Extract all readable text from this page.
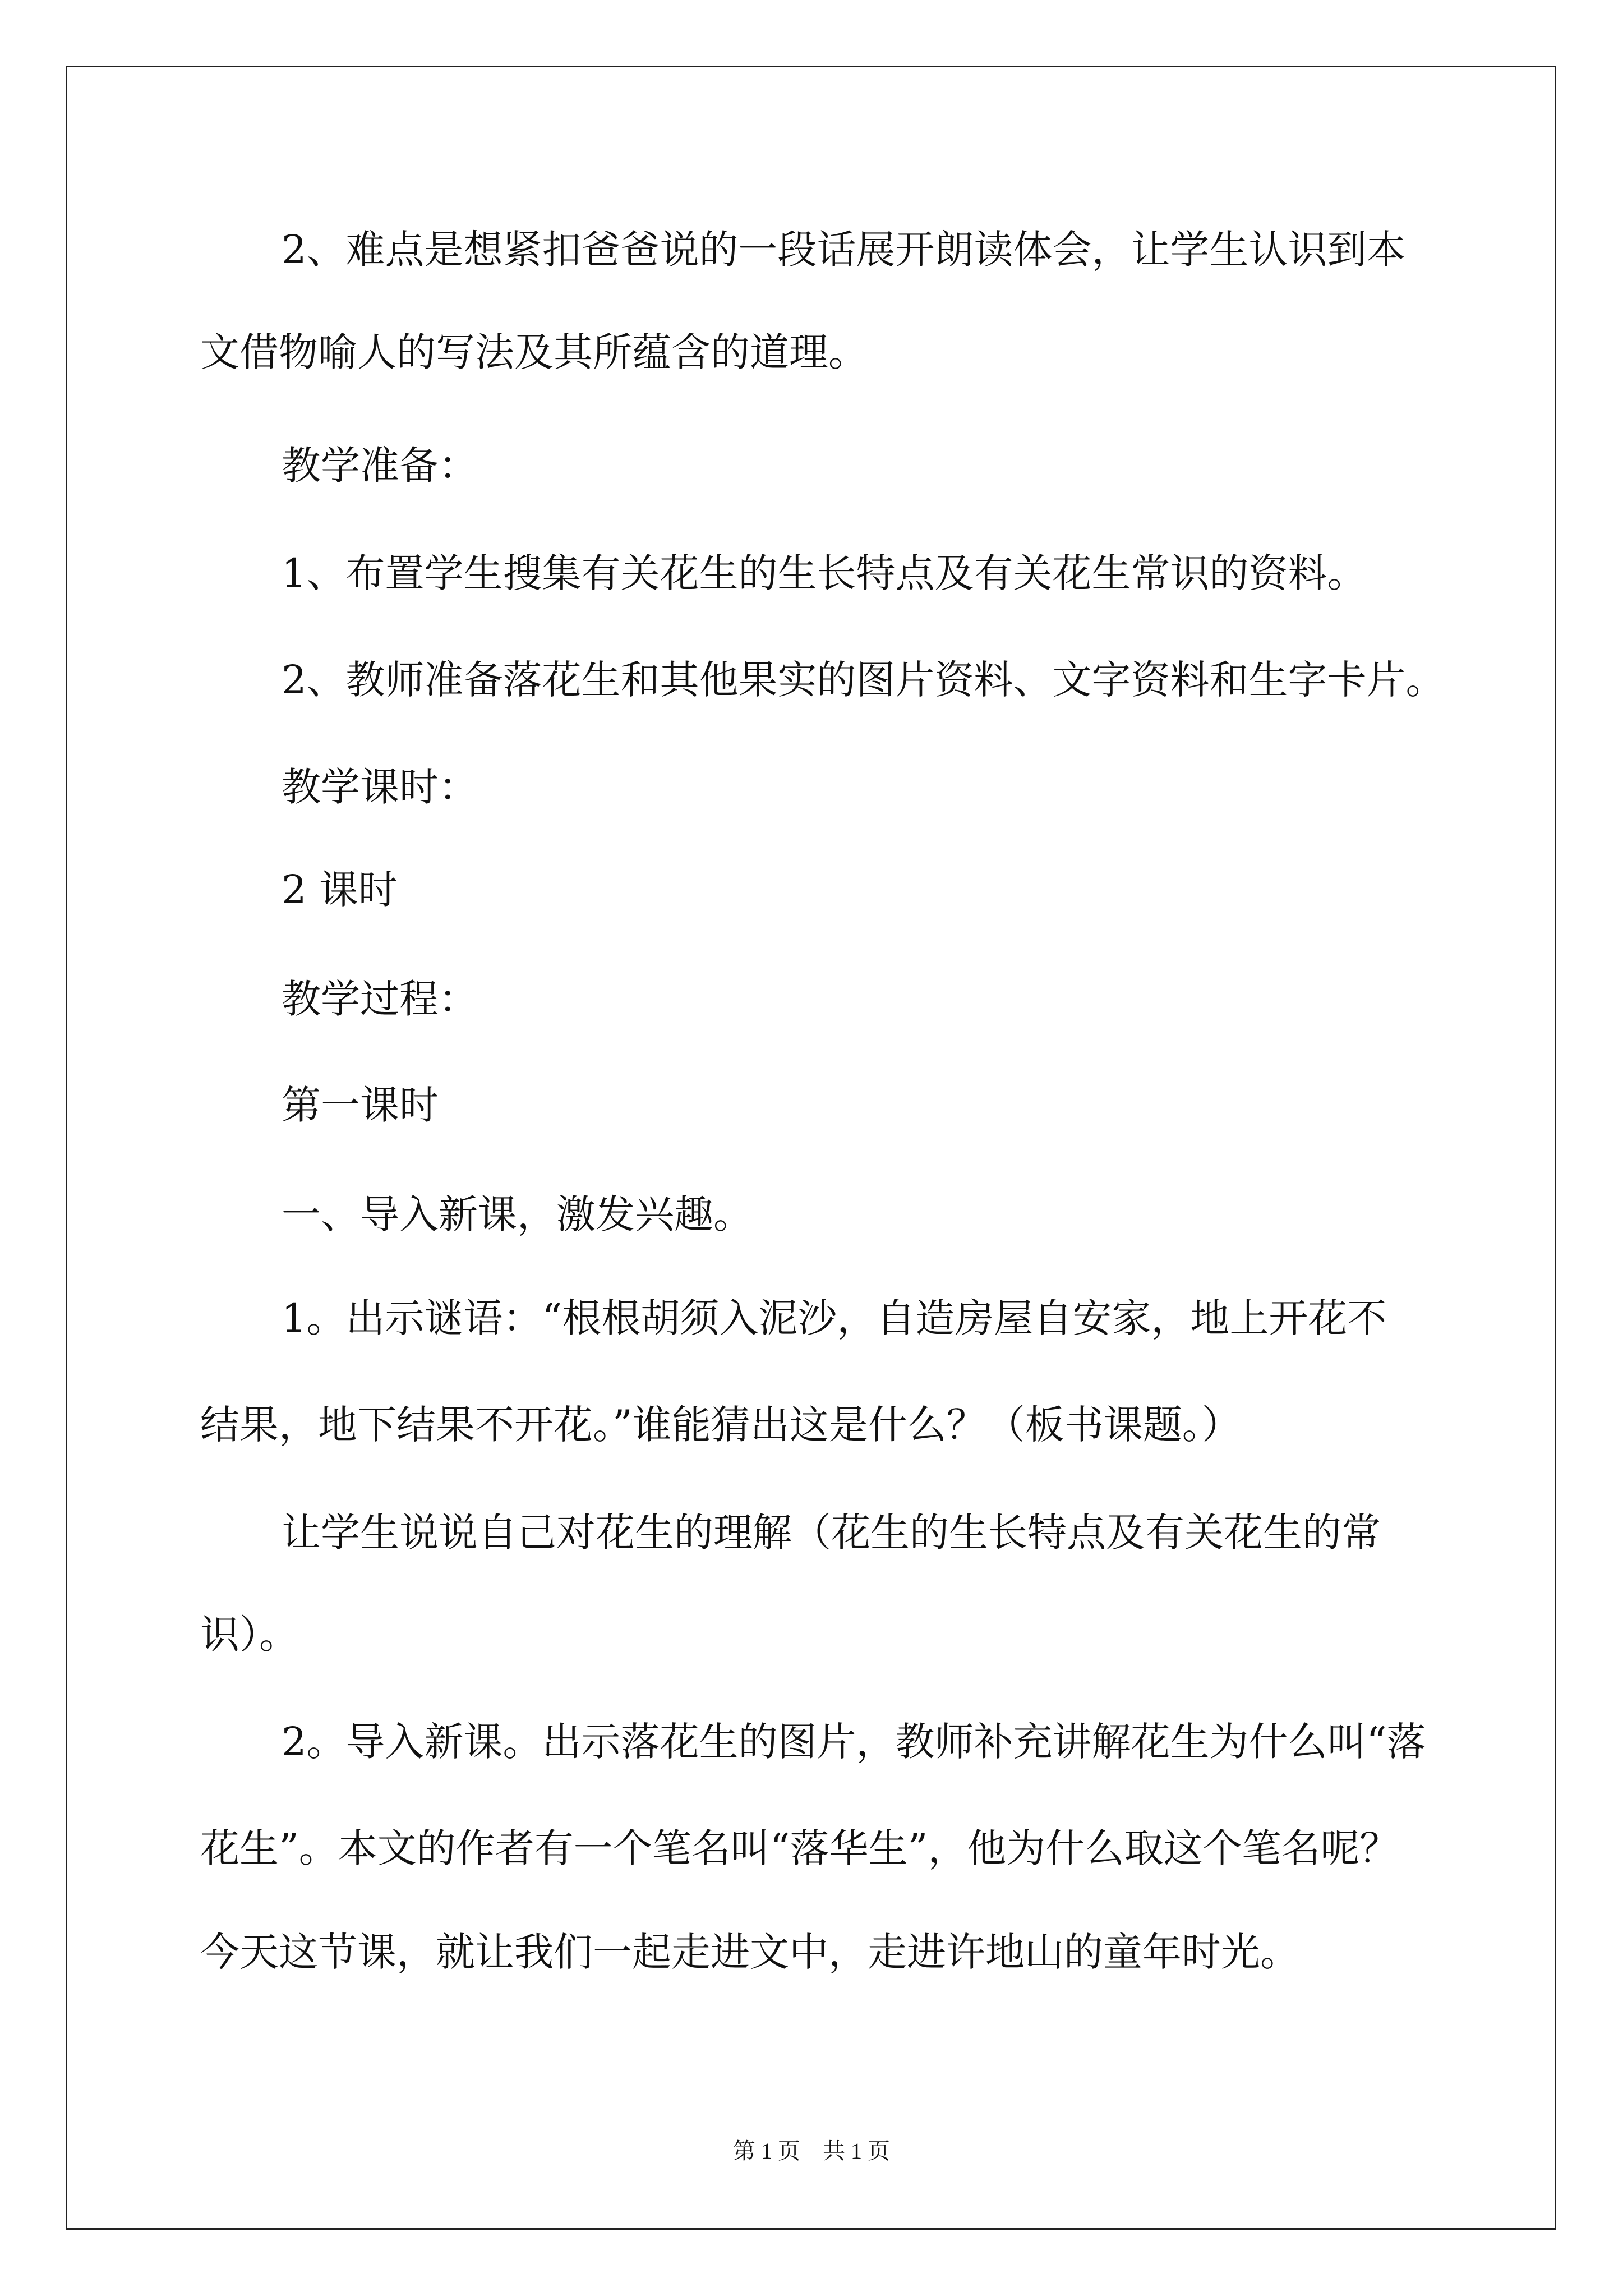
2、难点是想紧扣爸爸说的一段话展开朗读体会，让学生认识到本
文借物喻人的写法及其所蕴含的道理。
教学准备：
1、布置学生搜集有关花生的生长特点及有关花生常识的资料。
2、教师准备落花生和其他果实的图片资料、文字资料和生字卡片。
教学课时：
2 课时
教学过程：
第一课时
一、导入新课，激发兴趣。
1。出示谜语：“根根胡须入泥沙，自造房屋自安家，地上开花不
结果，地下结果不开花。”谁能猜出这是什么？（板书课题。）
让学生说说自己对花生的理解（花生的生长特点及有关花生的常
识）。
2。导入新课。出示落花生的图片，教师补充讲解花生为什么叫“落
花生”。本文的作者有一个笔名叫“落华生”，他为什么取这个笔名呢？
今天这节课，就让我们一起走进文中，走进许地山的童年时光。
第 1 页　共 1 页
